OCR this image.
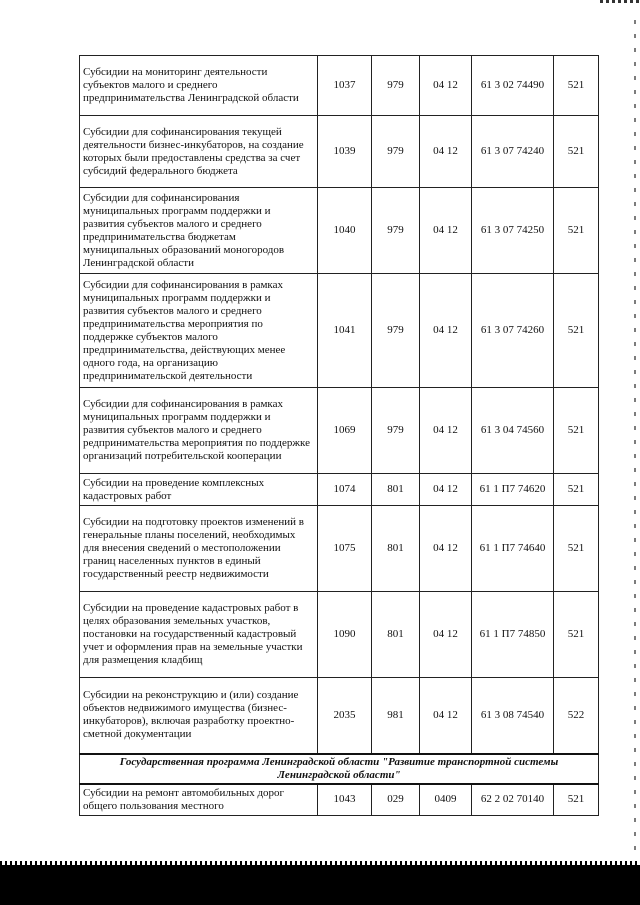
Субсидии на мониторинг деятельности субъектов малого и среднего предпринимательства Ленинградской области	1037	979	04 12	61 3 02 74490	521
Субсидии для софинансирования текущей деятельности бизнес-инкубаторов, на создание которых были предоставлены средства за счет субсидий федерального бюджета	1039	979	04 12	61 3 07 74240	521
Субсидии для софинансирования муниципальных программ поддержки и развития субъектов малого и среднего предпринимательства бюджетам муниципальных образований моногородов Ленинградской области	1040	979	04 12	61 3 07 74250	521
Субсидии для софинансирования в рамках муниципальных программ поддержки и развития субъектов малого и среднего предпринимательства мероприятия по поддержке субъектов малого предпринимательства, действующих менее одного года, на организацию предпринимательской деятельности	1041	979	04 12	61 3 07 74260	521
Субсидии для софинансирования в рамках муниципальных программ поддержки и развития субъектов малого и среднего редпринимательства мероприятия по поддержке организаций потребительской кооперации	1069	979	04 12	61 3 04 74560	521
Субсидии на проведение комплексных кадастровых работ	1074	801	04 12	61 1 П7 74620	521
Субсидии на подготовку проектов изменений в генеральные планы поселений, необходимых для внесения сведений о местоположении границ населенных пунктов в единый государственный реестр недвижимости	1075	801	04 12	61 1 П7 74640	521
Субсидии на проведение кадастровых работ в целях образования земельных участков, постановки на государственный кадастровый учет и оформления прав на земельные участки для размещения кладбищ	1090	801	04 12	61 1 П7 74850	521
Субсидии на реконструкцию и (или) создание объектов недвижимого имущества (бизнес-инкубаторов), включая разработку проектно-сметной документации	2035	981	04 12	61 3 08 74540	522
Государственная программа Ленинградской области "Развитие транспортной системы Ленинградской области"					
Субсидии на ремонт автомобильных дорог общего пользования местного	1043	029	0409	62 2 02 70140	521
